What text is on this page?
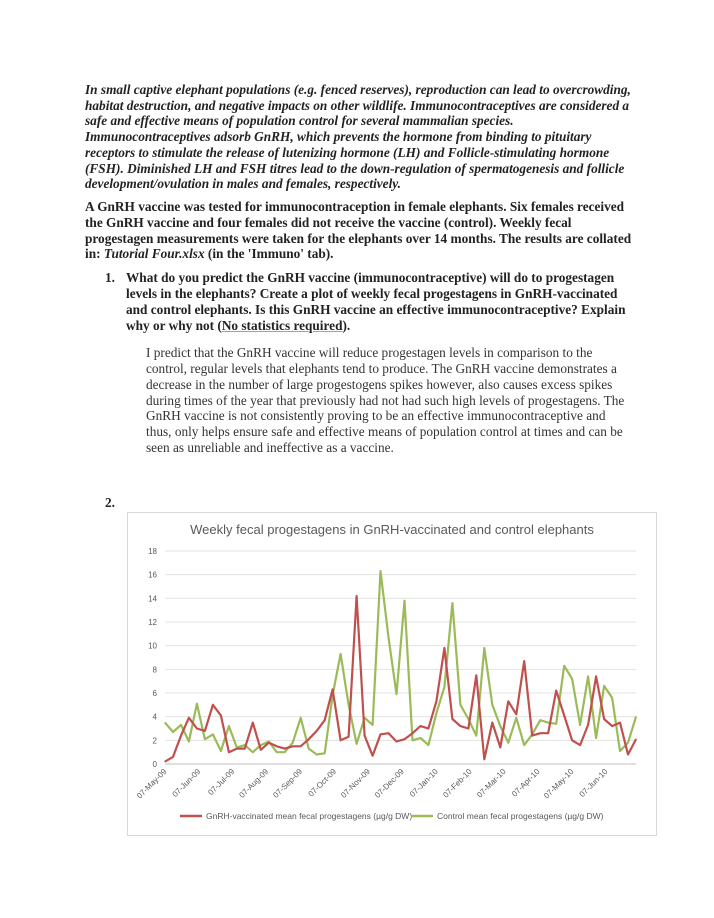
In small captive elephant populations (e.g. fenced reserves), reproduction can lead to overcrowding, habitat destruction, and negative impacts on other wildlife. Immunocontraceptives are considered a safe and effective means of population control for several mammalian species. Immunocontraceptives adsorb GnRH, which prevents the hormone from binding to pituitary receptors to stimulate the release of lutenizing hormone (LH) and Follicle-stimulating hormone (FSH). Diminished LH and FSH titres lead to the down-regulation of spermatogenesis and follicle development/ovulation in males and females, respectively.

A GnRH vaccine was tested for immunocontraception in female elephants. Six females received the GnRH vaccine and four females did not receive the vaccine (control). Weekly fecal progestagen measurements were taken for the elephants over 14 months. The results are collated in: Tutorial Four.xlsx (in the 'Immuno' tab).

1. What do you predict the GnRH vaccine (immunocontraceptive) will do to progestagen levels in the elephants? Create a plot of weekly fecal progestagens in GnRH-vaccinated and control elephants. Is this GnRH vaccine an effective immunocontraceptive? Explain why or why not (No statistics required).

I predict that the GnRH vaccine will reduce progestagen levels in comparison to the control, regular levels that elephants tend to produce. The GnRH vaccine demonstrates a decrease in the number of large progestogens spikes however, also causes excess spikes during times of the year that previously had not had such high levels of progestagens. The GnRH vaccine is not consistently proving to be an effective immunocontraceptive and thus, only helps ensure safe and effective means of population control at times and can be seen as unreliable and ineffective as a vaccine.

2.
Weekly fecal progestagens in GnRH-vaccinated and control elephants
0
2
4
6
8
10
12
14
16
18
07-May-09 07-Jun-09 07-Jul-09 07-Aug-09 07-Sep-09 07-Oct-09 07-Nov-09 07-Dec-09 07-Jan-10 07-Feb-10 07-Mar-10 07-Apr-10 07-May-10 07-Jun-10
GnRH-vaccinated mean fecal progestagens (µg/g DW)	Control mean fecal progestagens (µg/g DW)
